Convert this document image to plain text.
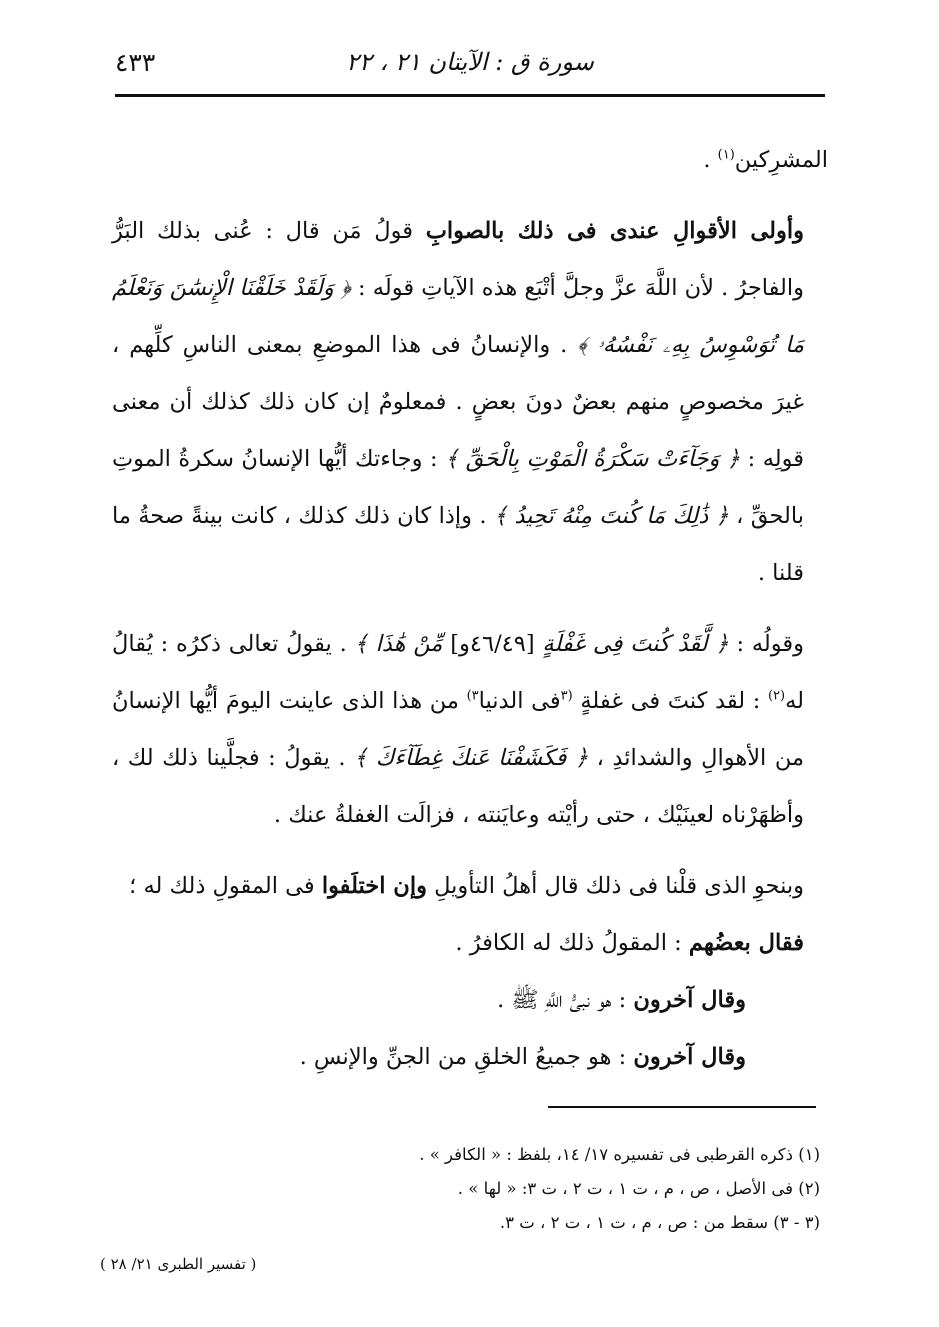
٤٣٣	سورة ق : الآيتان ٢١ ، ٢٢

المشرِكين$^{(١)}$ .

وأولى الأقوالِ عندى فى ذلك بالصوابِ قولُ مَن قال : عُنى بذلك البَرُّ والفاجرُ . لأن اللَّهَ عزَّ وجلَّ أتْبَع هذه الآياتِ قولَه : ﴿ وَلَقَدْ خَلَقْنَا الْإِنسَٰنَ وَنَعْلَمُ مَا تُوَسْوِسُ بِهِۦ نَفْسُهُۥ ﴾ . والإنسانُ فى هذا الموضعِ بمعنى الناسِ كلِّهم ، غيرَ مخصوصٍ منهم بعضٌ دونَ بعضٍ . فمعلومٌ إن كان ذلك كذلك أن معنى قولِه : ﴿ وَجَآءَتْ سَكْرَةُ الْمَوْتِ بِالْحَقِّ ﴾ : وجاءتك أيُّها الإنسانُ سكرةُ الموتِ بالحقِّ ، ﴿ ذَٰلِكَ مَا كُنتَ مِنْهُ تَحِيدُ ﴾ . وإذا كان ذلك كذلك ، كانت بينةً صحةُ ما قلنا .

وقولُه : ﴿ لَّقَدْ كُنتَ فِى غَفْلَةٍ [٤٦/٤٩و] مِّنْ هَٰذَا ﴾ . يقولُ تعالى ذكرُه : يُقالُ له$^{(٢)}$ : لقد كنتَ فى غفلةٍ $^{(٣}$فى الدنيا$^{٣)}$ من هذا الذى عاينت اليومَ أيُّها الإنسانُ من الأهوالِ والشدائدِ ، ﴿ فَكَشَفْنَا عَنكَ غِطَآءَكَ ﴾ . يقولُ : فجلَّينا ذلك لك ، وأظهَرْناه لعينَيْك ، حتى رأيْته وعايَنته ، فزالَت الغفلةُ عنك .

وبنحوِ الذى قلْنا فى ذلك قال أهلُ التأويلِ وإن اختلَفوا فى المقولِ ذلك له ؛
فقال بعضُهم : المقولُ ذلك له الكافرُ .

وقال آخرون : هو نبىُّ اللَّهِ ﷺ .

وقال آخرون : هو جميعُ الخلقِ من الجنِّ والإنسِ .

(١) ذكره القرطبى فى تفسيره ١٧/ ١٤، بلفظ : « الكافر » .
(٢) فى الأصل ، ص ، م ، ت ١ ، ت ٢ ، ت ٣: « لها » .
(٣ - ٣) سقط من : ص ، م ، ت ١ ، ت ٢ ، ت ٣.
( تفسير الطبرى ٢١/ ٢٨ )
